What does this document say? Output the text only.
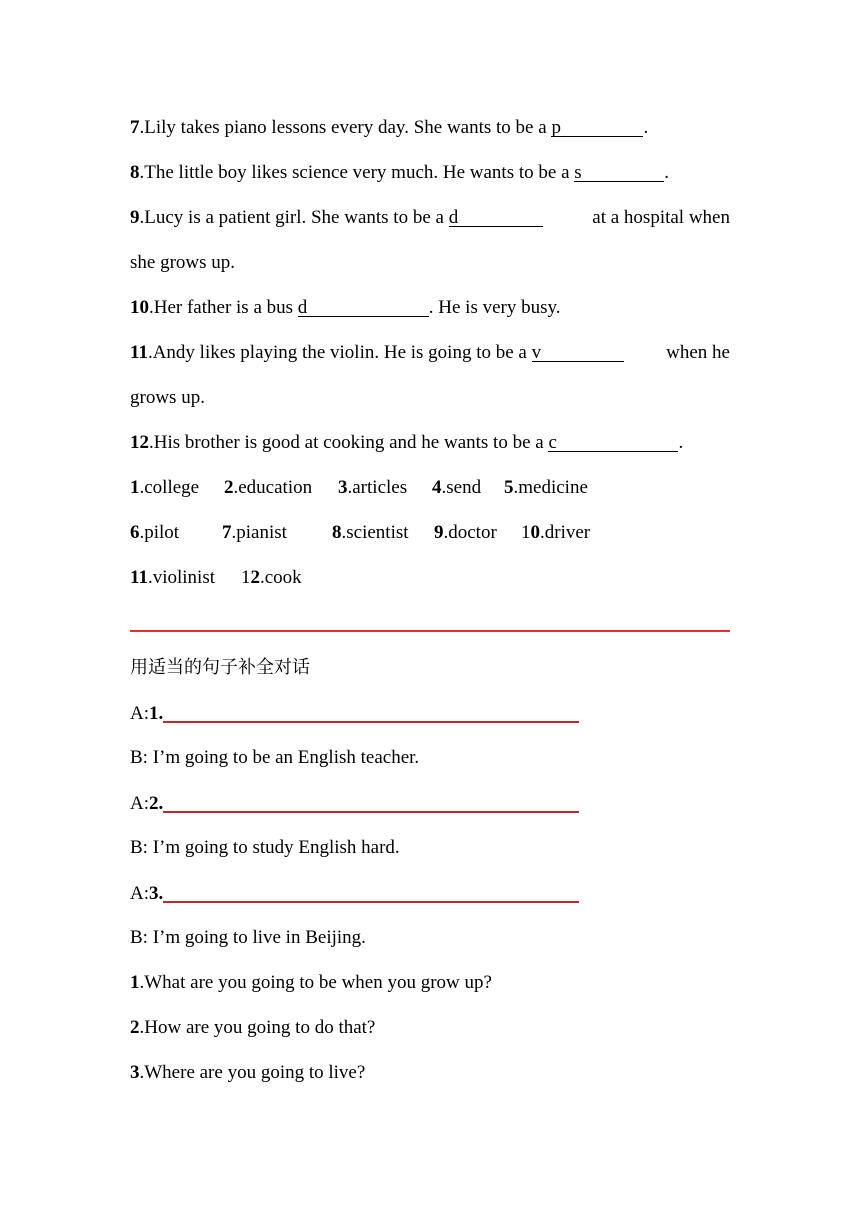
7.Lily takes piano lessons every day. She wants to be a p	.
8.The little boy likes science very much. He wants to be a s	.
9.Lucy is a patient girl. She wants to be a d	at a hospital when
she grows up.
10.Her father is a bus d	. He is very busy.
11.Andy likes playing the violin. He is going to be a v	when he
grows up.
12.His brother is good at cooking and he wants to be a c	.
1.college 2.education 3.articles 4.send 5.medicine
6.pilot 7.pianist 8.scientist 9.doctor 10.driver
11.violinist 12.cook
用适当的句子补全对话
A:1.
B: I’m going to be an English teacher.
A:2.
B: I’m going to study English hard.
A:3.
B: I’m going to live in Beijing.
1.What are you going to be when you grow up?
2.How are you going to do that?
3.Where are you going to live?
